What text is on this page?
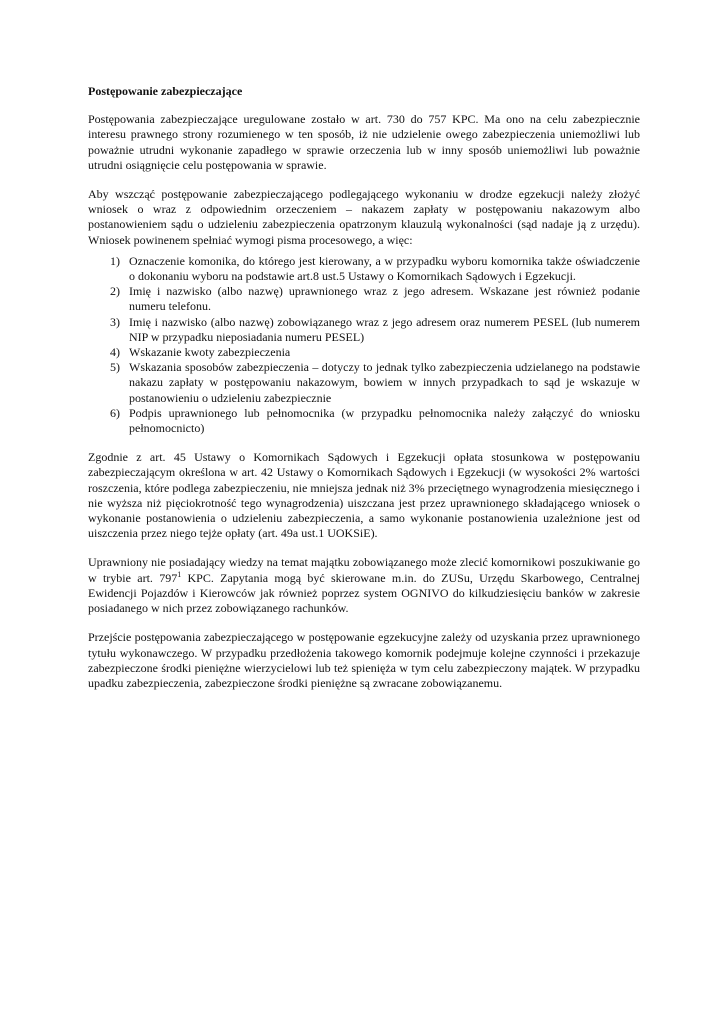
Postępowanie zabezpieczające
Postępowania zabezpieczające uregulowane zostało w art. 730 do 757 KPC. Ma ono na celu zabezpiecznie interesu prawnego strony rozumienego w ten sposób, iż nie udzielenie owego zabezpieczenia uniemożliwi lub poważnie utrudni wykonanie zapadłego w sprawie orzeczenia lub w inny sposób uniemożliwi lub poważnie utrudni osiągnięcie celu postępowania w sprawie.
Aby wszcząć postępowanie zabezpieczającego podlegającego wykonaniu w drodze egzekucji należy złożyć wniosek o wraz z odpowiednim orzeczeniem – nakazem zapłaty w postępowaniu nakazowym albo postanowieniem sądu o udzieleniu zabezpieczenia opatrzonym klauzulą wykonalności (sąd nadaje ją z urzędu). Wniosek powinenem spełniać wymogi pisma procesowego, a więc:
1) Oznaczenie komonika, do którego jest kierowany, a w przypadku wyboru komornika także oświadczenie o dokonaniu wyboru na podstawie art.8 ust.5 Ustawy o Komornikach Sądowych i Egzekucji.
2) Imię i nazwisko (albo nazwę) uprawnionego wraz z jego adresem. Wskazane jest również podanie numeru telefonu.
3) Imię i nazwisko (albo nazwę) zobowiązanego wraz z jego adresem oraz numerem PESEL (lub numerem NIP w przypadku nieposiadania numeru PESEL)
4) Wskazanie kwoty zabezpieczenia
5) Wskazania sposobów zabezpieczenia – dotyczy to jednak tylko zabezpieczenia udzielanego na podstawie nakazu zapłaty w postępowaniu nakazowym, bowiem w innych przypadkach to sąd je wskazuje w postanowieniu o udzieleniu zabezpiecznie
6) Podpis uprawnionego lub pełnomocnika (w przypadku pełnomocnika należy załączyć do wniosku pełnomocnicto)
Zgodnie z art. 45 Ustawy o Komornikach Sądowych i Egzekucji opłata stosunkowa w postępowaniu zabezpieczającym określona w art. 42 Ustawy o Komornikach Sądowych i Egzekucji (w wysokości 2% wartości roszczenia, które podlega zabezpieczeniu, nie mniejsza jednak niż 3% przeciętnego wynagrodzenia miesięcznego i nie wyższa niż pięciokrotność tego wynagrodzenia) uiszczana jest przez uprawnionego składającego wniosek o wykonanie postanowienia o udzieleniu zabezpieczenia, a samo wykonanie postanowienia uzależnione jest od uiszczenia przez niego tejże opłaty (art. 49a ust.1 UOKSiE).
Uprawniony nie posiadający wiedzy na temat majątku zobowiązanego może zlecić komornikowi poszukiwanie go w trybie art. $797^1$ KPC. Zapytania mogą być skierowane m.in. do ZUSu, Urzędu Skarbowego, Centralnej Ewidencji Pojazdów i Kierowców jak również poprzez system OGNIVO do kilkudziesięciu banków w zakresie posiadanego w nich przez zobowiązanego rachunków.
Przejście postępowania zabezpieczającego w postępowanie egzekucyjne zależy od uzyskania przez uprawnionego tytułu wykonawczego. W przypadku przedłożenia takowego komornik podejmuje kolejne czynności i przekazuje zabezpieczone środki pieniężne wierzycielowi lub też spienięża w tym celu zabezpieczony majątek. W przypadku upadku zabezpieczenia, zabezpieczone środki pieniężne są zwracane zobowiązanemu.
